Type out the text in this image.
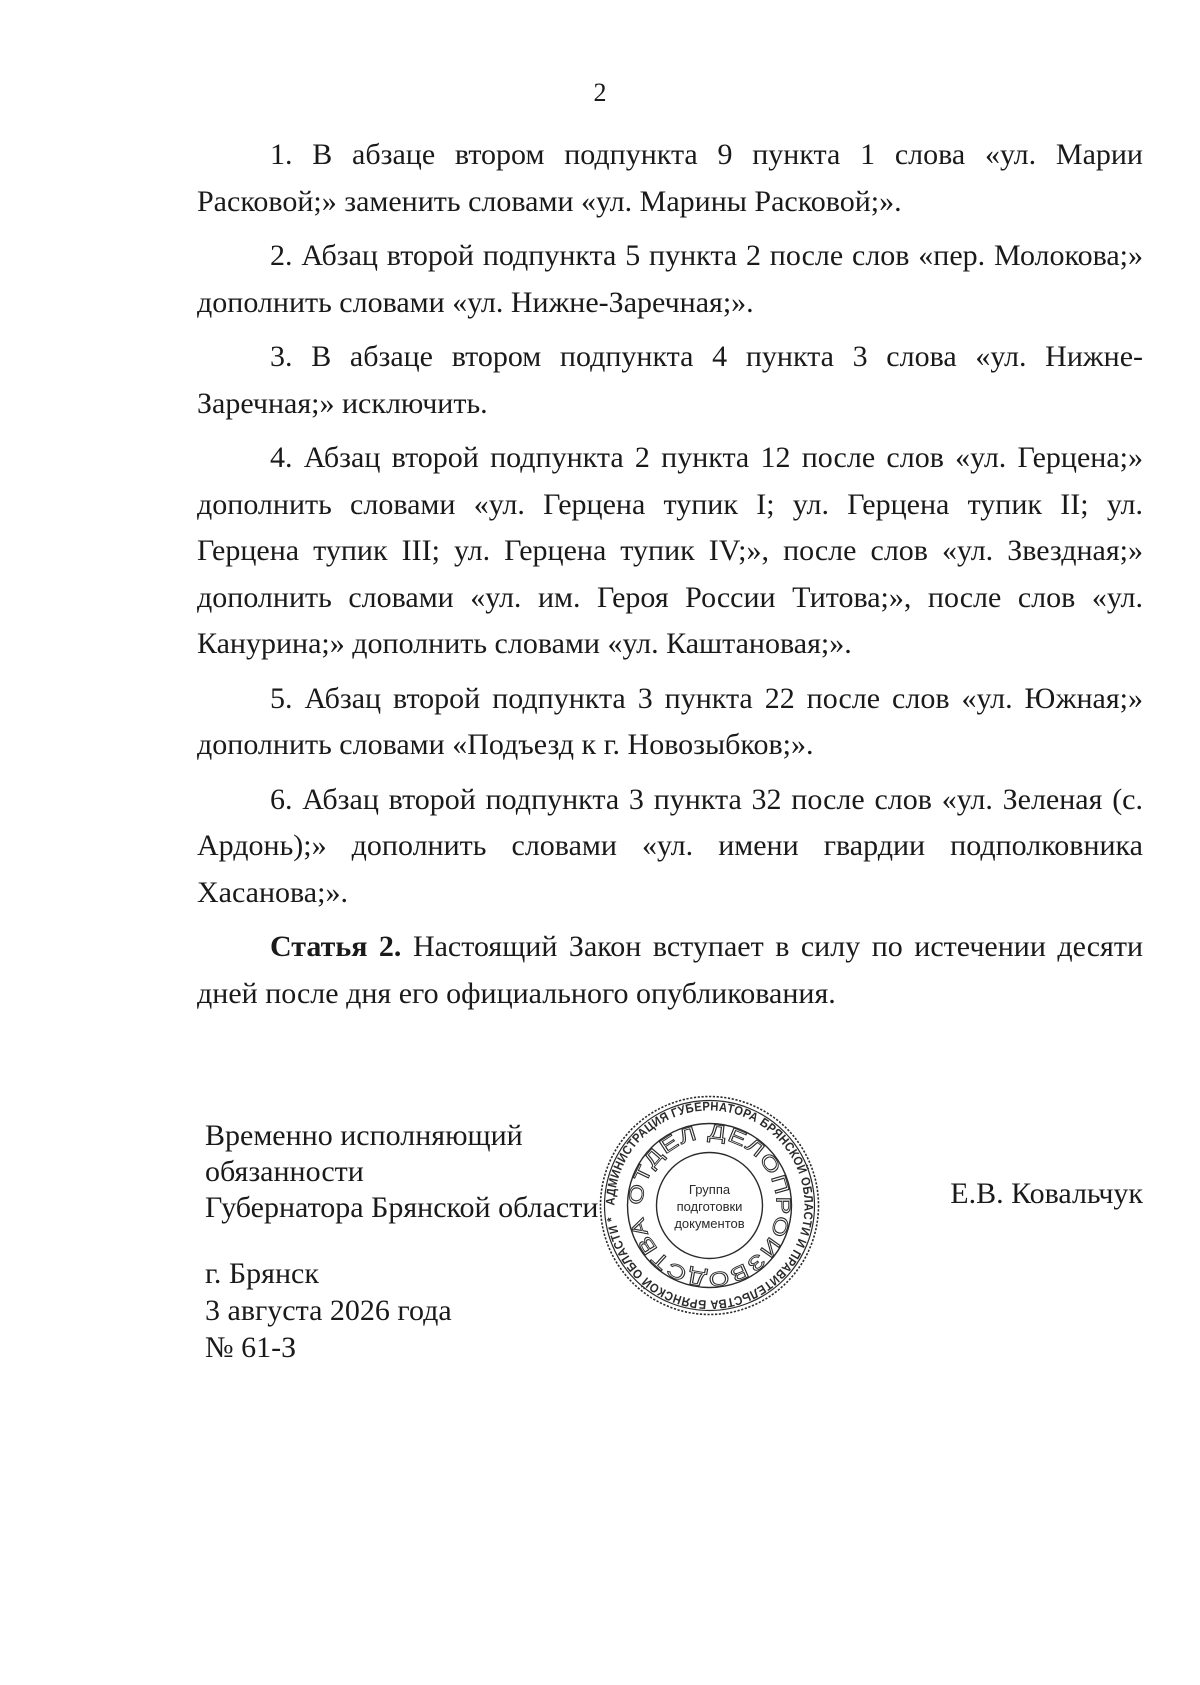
2

1. В абзаце втором подпункта 9 пункта 1 слова «ул. Марии Расковой;» заменить словами «ул. Марины Расковой;».

2. Абзац второй подпункта 5 пункта 2 после слов «пер. Молокова;» дополнить словами «ул. Нижне-Заречная;».

3. В абзаце втором подпункта 4 пункта 3 слова «ул. Нижне-Заречная;» исключить.

4. Абзац второй подпункта 2 пункта 12 после слов «ул. Герцена;» дополнить словами «ул. Герцена тупик I; ул. Герцена тупик II; ул. Герцена тупик III; ул. Герцена тупик IV;», после слов «ул. Звездная;» дополнить словами «ул. им. Героя России Титова;», после слов «ул. Канурина;» дополнить словами «ул. Каштановая;».

5. Абзац второй подпункта 3 пункта 22 после слов «ул. Южная;» дополнить словами «Подъезд к г. Новозыбков;».

6. Абзац второй подпункта 3 пункта 32 после слов «ул. Зеленая (с. Ардонь);» дополнить словами «ул. имени гвардии подполковника Хасанова;».

Статья 2. Настоящий Закон вступает в силу по истечении десяти дней после дня его официального опубликования.

АДМИНИСТРАЦИЯ ГУБЕРНАТОРА БРЯНСКОЙ ОБЛАСТИ И ПРАВИТЕЛЬСТВА БРЯНСКОЙ ОБЛАСТИ *
ОТДЕЛ ДЕЛОПРОИЗВОДСТВА
Группа
подготовки
документов
Временно исполняющий обязанности
Губернатора Брянской области	Е.В. Ковальчук
г. Брянск
3 августа 2026 года
№ 61-З
